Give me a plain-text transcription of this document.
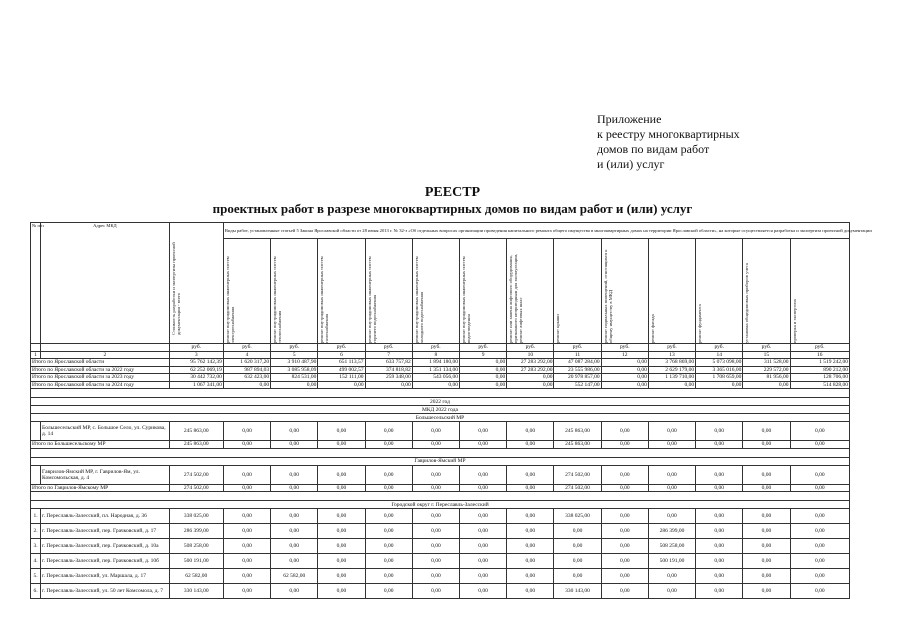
Приложение
к реестру многоквартирных
домов по видам работ
и (или) услуг
РЕЕСТР
проектных работ в разрезе многоквартирных домов по видам работ и (или) услуг
№ п/п	Адрес МКД	Стоимость разработки и экспертизы проектной документации - всего	Виды работ, установленные статьей 5 Закона Ярославской области от 28 июня 2013 г. № 32-з «Об отдельных вопросах организации проведения капитального ремонта общего имущества в многоквартирных домах на территории Ярославской области», на которые осуществляется разработка и экспертиза проектной документации												

			ремонт внутридомовых инженерных систем электроснабжения	ремонт внутридомовых инженерных систем теплоснабжения	ремонт внутридомовых инженерных систем газоснабжения	ремонт внутридомовых инженерных систем горячего водоснабжения	ремонт внутридомовых инженерных систем холодного водоснабжения	ремонт внутридомовых инженерных систем водоотведения	ремонт или замена лифтового оборудования, признанного непригодным для эксплуатации, ремонт лифтовых шахт	ремонт крыши	ремонт подвальных помещений, относящихся к общему имуществу в МКД	ремонт фасада	ремонт фундамента	установка общедомовых приборов учета	проверка и экспертиза

		руб.	руб.	руб.	руб.	руб.	руб.	руб.	руб.	руб.	руб.	руб.	руб.	руб.	руб.
1	2	3	4	5	6	7	8	9	10	11	12	13	14	15	16
Итого по Ярославской области		95 762 142,39	1 620 317,20	3 910 487,90	651 113,57	633 757,82	1 894 180,00	0,00	27 283 292,00	47 087 284,00	0,00	3 768 869,00	5 073 098,00	311 528,00	1 519 242,00
Итого по Ярославской области за 2022 году		62 252 069,19	987 894,03	3 085 958,09	499 002,57	374 818,82	1 351 134,00	0,00	27 283 292,00	23 555 986,00	0,00	2 629 179,00	3 365 016,00	229 572,00	890 212,00
Итого по Ярославской области за 2023 году		30 442 732,00	632 423,00	824 531,00	152 111,00	259 348,00	543 056,00	0,00	0,00	20 978 857,00	0,00	1 139 710,00	1 708 659,00	81 956,00	128 706,00
Итого по Ярославской области за 2024 году		1 067 341,00	0,00	0,00	0,00	0,00	0,00	0,00	0,00	552 147,00	0,00	0,00	0,00	0,00	514 828,00

2022 год															
МКД 2022 года															
Большесельский МР															
	Большесельский МР, с. Большое Село, ул. Сурикова, д. 14	245 863,00	0,00	0,00	0,00	0,00	0,00	0,00	0,00	245 863,00	0,00	0,00	0,00	0,00	0,00
Итого по Большесельскому МР		245 863,00	0,00	0,00	0,00	0,00	0,00	0,00	0,00	245 863,00	0,00	0,00	0,00	0,00	0,00

Гаврилов-Ямский МР															
	Гаврилов-Ямский МР, г. Гаврилов-Ям, ул. Комсомольская, д. 4	274 502,00	0,00	0,00	0,00	0,00	0,00	0,00	0,00	274 502,00	0,00	0,00	0,00	0,00	0,00
Итого по Гаврилов-Ямскому МР		274 502,00	0,00	0,00	0,00	0,00	0,00	0,00	0,00	274 502,00	0,00	0,00	0,00	0,00	0,00

Городской округ г. Переславль-Залесский															
1.	г. Переславль-Залесский, пл. Народная, д. 36	338 025,00	0,00	0,00	0,00	0,00	0,00	0,00	0,00	338 025,00	0,00	0,00	0,00	0,00	0,00
2.	г. Переславль-Залесский, пер. Грачковский, д. 17	286 399,00	0,00	0,00	0,00	0,00	0,00	0,00	0,00	0,00	0,00	286 399,00	0,00	0,00	0,00
3.	г. Переславль-Залесский, пер. Грачковский, д. 10а	508 258,00	0,00	0,00	0,00	0,00	0,00	0,00	0,00	0,00	0,00	508 258,00	0,00	0,00	0,00
4.	г. Переславль-Залесский, пер. Грачковский, д. 10б	500 191,00	0,00	0,00	0,00	0,00	0,00	0,00	0,00	0,00	0,00	500 191,00	0,00	0,00	0,00
5.	г. Переславль-Залесский, ул. Маршала, д. 17	62 582,00	0,00	62 582,00	0,00	0,00	0,00	0,00	0,00	0,00	0,00	0,00	0,00	0,00	0,00
6.	г. Переславль-Залесский, ул. 50 лет Комсомола, д. 7	330 143,00	0,00	0,00	0,00	0,00	0,00	0,00	0,00	330 143,00	0,00	0,00	0,00	0,00	0,00
